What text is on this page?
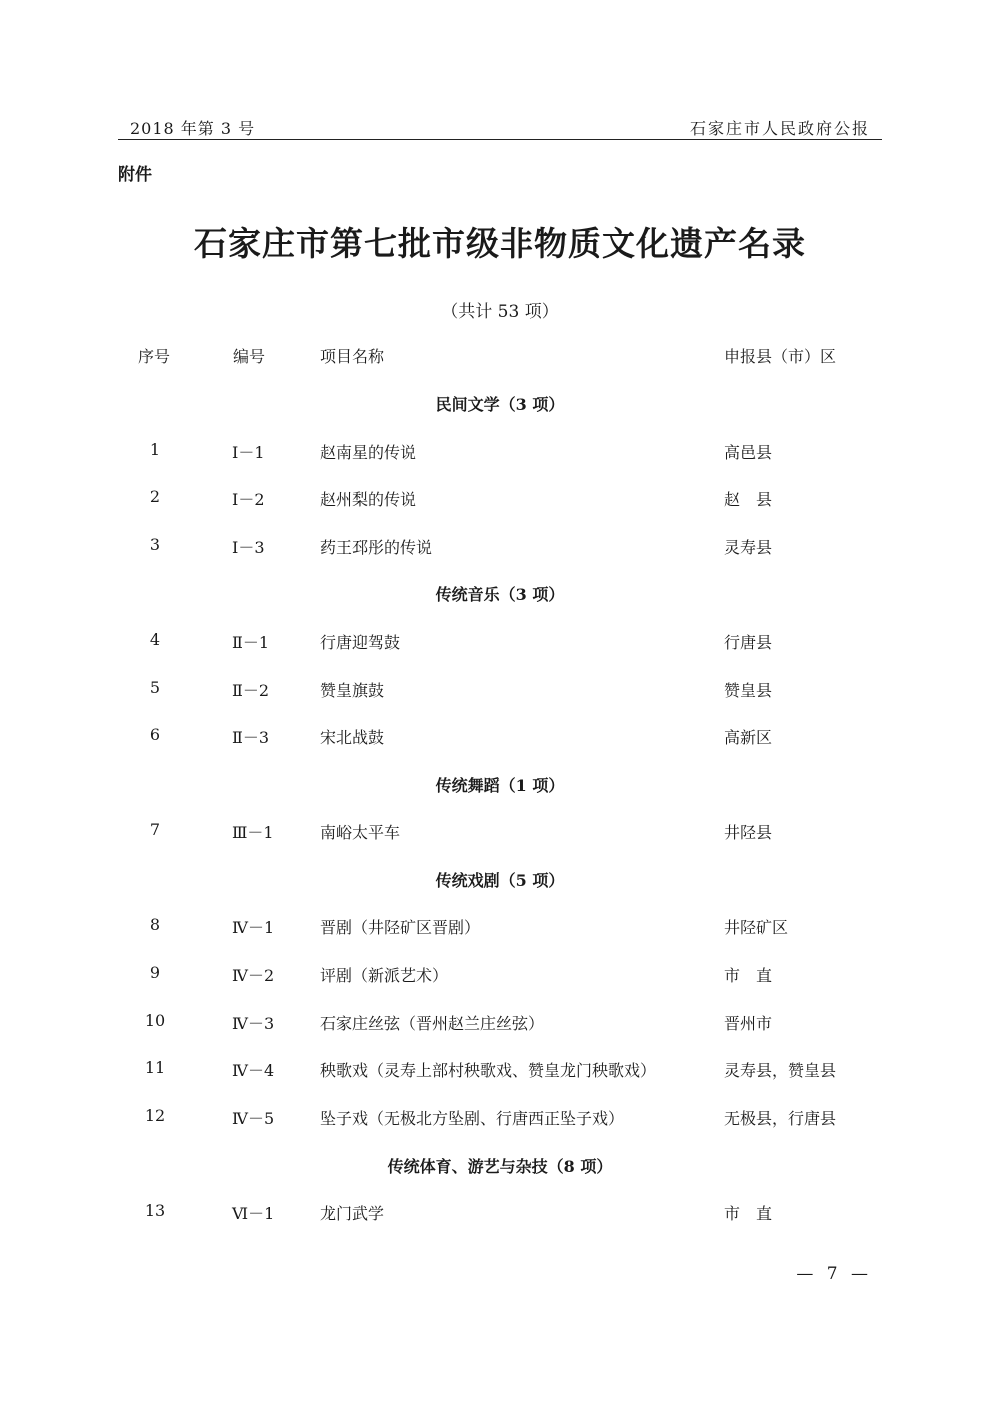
2018 年第 3 号	石家庄市人民政府公报
附件
石家庄市第七批市级非物质文化遗产名录
（共计 53 项）
序号	编号	项目名称	申报县（市）区
民间文学（3 项）
1	Ⅰ－1	赵南星的传说	高邑县
2	Ⅰ－2	赵州梨的传说	赵　县
3	Ⅰ－3	药王邳彤的传说	灵寿县
传统音乐（3 项）
4	Ⅱ－1	行唐迎驾鼓	行唐县
5	Ⅱ－2	赞皇旗鼓	赞皇县
6	Ⅱ－3	宋北战鼓	高新区
传统舞蹈（1 项）
7	Ⅲ－1	南峪太平车	井陉县
传统戏剧（5 项）
8	Ⅳ－1	晋剧（井陉矿区晋剧）	井陉矿区
9	Ⅳ－2	评剧（新派艺术）	市　直
10	Ⅳ－3	石家庄丝弦（晋州赵兰庄丝弦）	晋州市
11	Ⅳ－4	秧歌戏（灵寿上部村秧歌戏、赞皇龙门秧歌戏）	灵寿县，赞皇县
12	Ⅳ－5	坠子戏（无极北方坠剧、行唐西正坠子戏）	无极县，行唐县
传统体育、游艺与杂技（8 项）
13	Ⅵ－1	龙门武学	市　直
— 7 —
